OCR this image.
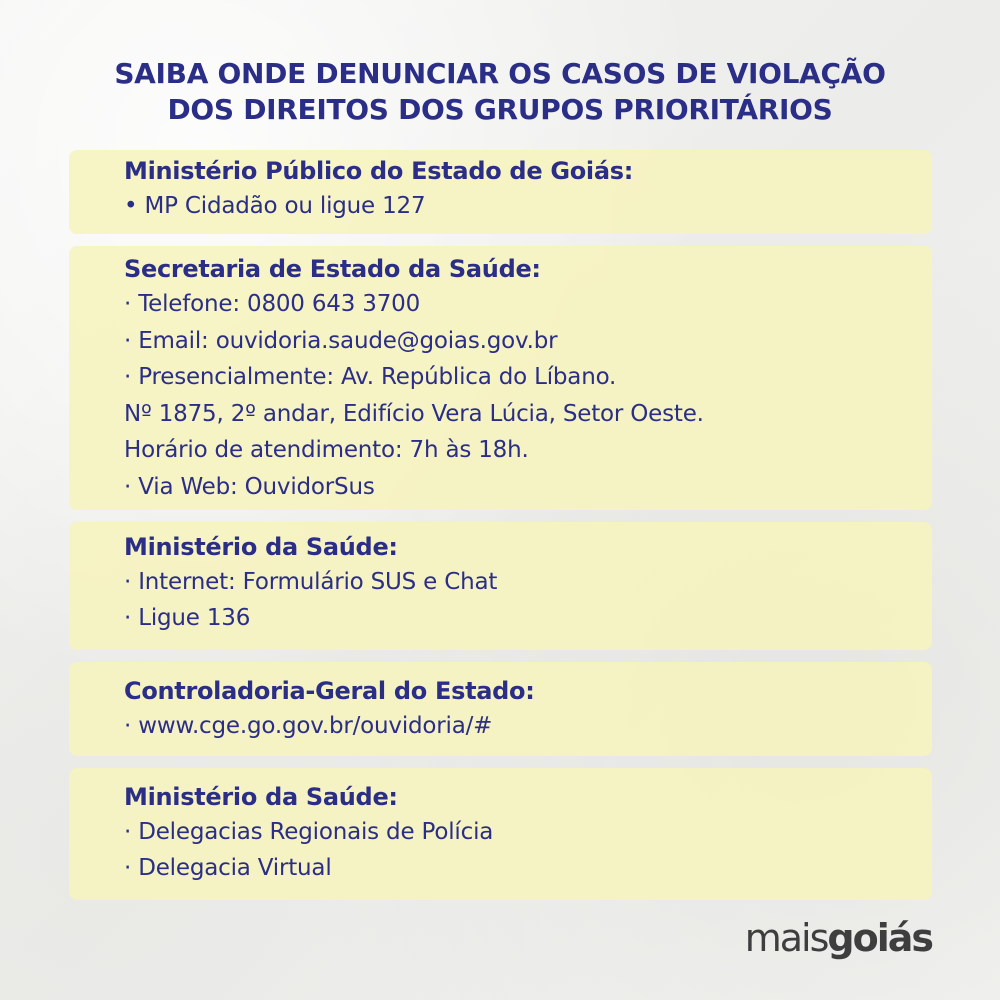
SAIBA ONDE DENUNCIAR OS CASOS DE VIOLAÇÃO
DOS DIREITOS DOS GRUPOS PRIORITÁRIOS

Ministério Público do Estado de Goiás:

• MP Cidadão ou ligue 127

Secretaria de Estado da Saúde:

· Telefone: 0800 643 3700

· Email: ouvidoria.saude@goias.gov.br

· Presencialmente: Av. República do Líbano.

Nº 1875, 2º andar, Edifício Vera Lúcia, Setor Oeste.

Horário de atendimento: 7h às 18h.

· Via Web: OuvidorSus

Ministério da Saúde:

· Internet: Formulário SUS e Chat

· Ligue 136

Controladoria-Geral do Estado:

· www.cge.go.gov.br/ouvidoria/#

Ministério da Saúde:

· Delegacias Regionais de Polícia

· Delegacia Virtual

maisgoiás
